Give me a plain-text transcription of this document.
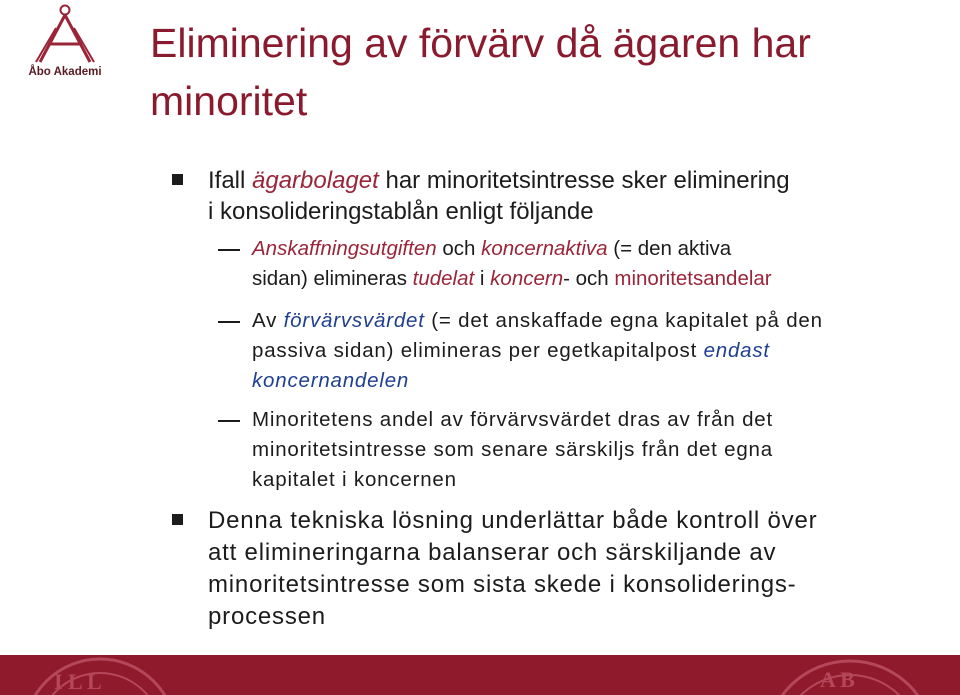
Åbo Akademi
Eliminering av förvärv då ägaren har
minoritet
Ifall ägarbolaget har minoritetsintresse sker eliminering
i konsolideringstablån enligt följande
Anskaffningsutgiften och koncernaktiva (= den aktiva
sidan) elimineras tudelat i koncern- och minoritetsandelar
Av förvärvsvärdet (= det anskaffade egna kapitalet på den
passiva sidan) elimineras per egetkapitalpost endast
koncernandelen
Minoritetens andel av förvärvsvärdet dras av från det
minoritetsintresse som senare särskiljs från det egna
kapitalet i koncernen
Denna tekniska lösning underlättar både kontroll över
att elimineringarna balanserar och särskiljande av
minoritetsintresse som sista skede i konsoliderings-
processen
I L L	A B
